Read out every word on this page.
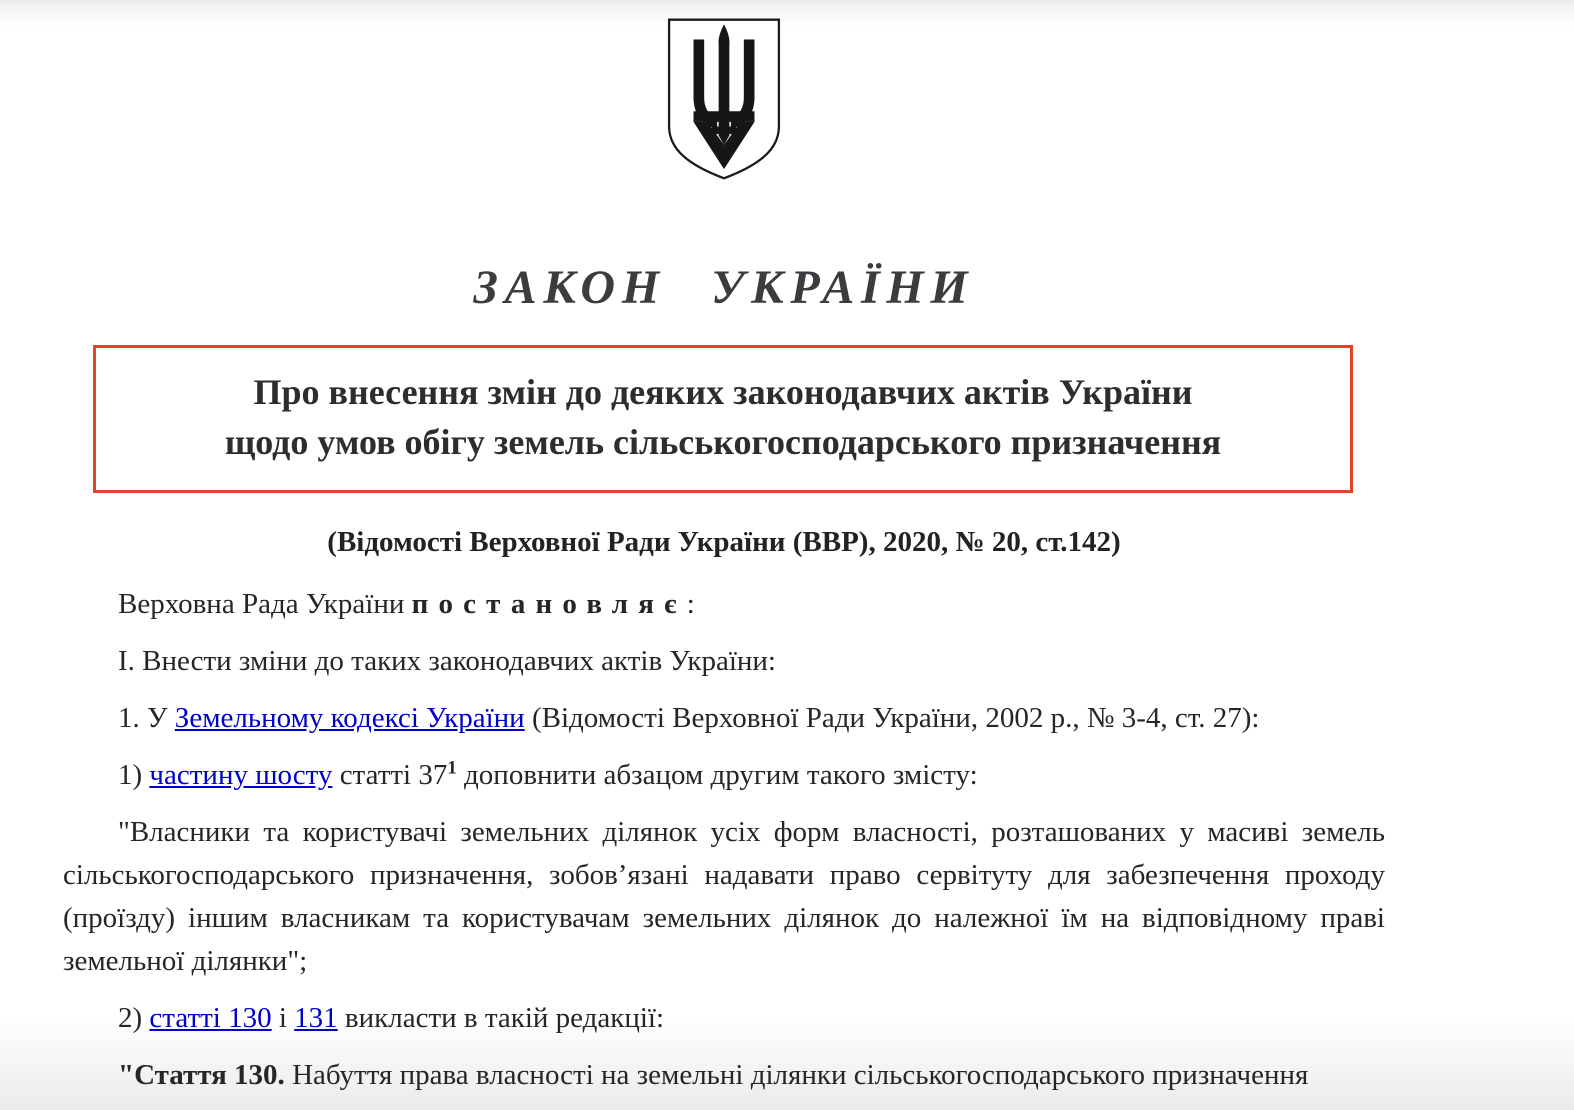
ЗАКОН УКРАЇНИ
Про внесення змін до деяких законодавчих актів України
щодо умов обігу земель сільськогосподарського призначення
(Відомості Верховної Ради України (ВВР), 2020, № 20, ст.142)

Верховна Рада України постановляє:

І. Внести зміни до таких законодавчих актів України:

1. У Земельному кодексі України (Відомості Верховної Ради України, 2002 р., № 3-4, ст. 27):

1) частину шосту статті 37$^1$ доповнити абзацом другим такого змісту:

"Власники та користувачі земельних ділянок усіх форм власності, розташованих у масиві земель сільськогосподарського призначення, зобов’язані надавати право сервітуту для забезпечення проходу (проїзду) іншим власникам та користувачам земельних ділянок до належної їм на відповідному праві земельної ділянки";

2) статті 130 і 131 викласти в такій редакції:

"Стаття 130. Набуття права власності на земельні ділянки сільськогосподарського призначення
